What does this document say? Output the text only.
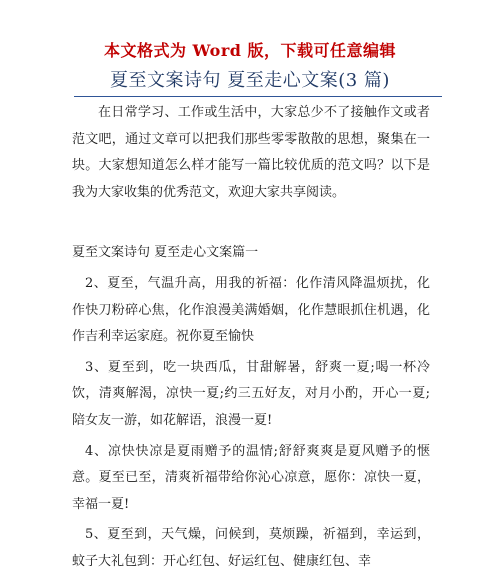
本文格式为 Word 版，下载可任意编辑
夏至文案诗句 夏至走心文案(3 篇)

在日常学习、工作或生活中，大家总少不了接触作文或者范文吧，通过文章可以把我们那些零零散散的思想，聚集在一块。大家想知道怎么样才能写一篇比较优质的范文吗？以下是我为大家收集的优秀范文，欢迎大家共享阅读。

夏至文案诗句 夏至走心文案篇一

2、夏至，气温升高，用我的祈福：化作清风降温烦扰，化作快刀粉碎心焦，化作浪漫美满婚姻，化作慧眼抓住机遇，化作吉利幸运家庭。祝你夏至愉快

3、夏至到，吃一块西瓜，甘甜解暑，舒爽一夏;喝一杯冷饮，清爽解渴，凉快一夏;约三五好友，对月小酌，开心一夏;陪女友一游，如花解语，浪漫一夏!

4、凉快快凉是夏雨赠予的温情;舒舒爽爽是夏风赠予的惬意。夏至已至，清爽祈福带给你沁心凉意，愿你：凉快一夏，幸福一夏!

5、夏至到，天气燥，问候到，莫烦躁，祈福到，幸运到，蚊子大礼包到：开心红包、好运红包、健康红包、幸
